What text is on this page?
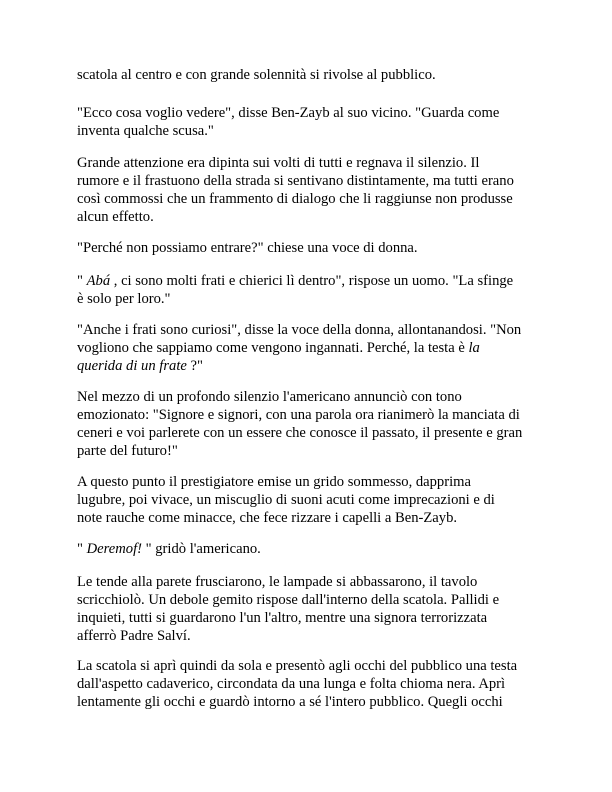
scatola al centro e con grande solennità si rivolse al pubblico.

"Ecco cosa voglio vedere", disse Ben-Zayb al suo vicino. "Guarda come
inventa qualche scusa."

Grande attenzione era dipinta sui volti di tutti e regnava il silenzio. Il
rumore e il frastuono della strada si sentivano distintamente, ma tutti erano
così commossi che un frammento di dialogo che li raggiunse non produsse
alcun effetto.

"Perché non possiamo entrare?" chiese una voce di donna.

" Abá , ci sono molti frati e chierici lì dentro", rispose un uomo. "La sfinge
è solo per loro."

"Anche i frati sono curiosi", disse la voce della donna, allontanandosi. "Non
vogliono che sappiamo come vengono ingannati. Perché, la testa è la
querida di un frate ?"

Nel mezzo di un profondo silenzio l'americano annunciò con tono
emozionato: "Signore e signori, con una parola ora rianimerò la manciata di
ceneri e voi parlerete con un essere che conosce il passato, il presente e gran
parte del futuro!"

A questo punto il prestigiatore emise un grido sommesso, dapprima
lugubre, poi vivace, un miscuglio di suoni acuti come imprecazioni e di
note rauche come minacce, che fece rizzare i capelli a Ben-Zayb.

" Deremof! " gridò l'americano.

Le tende alla parete frusciarono, le lampade si abbassarono, il tavolo
scricchiolò. Un debole gemito rispose dall'interno della scatola. Pallidi e
inquieti, tutti si guardarono l'un l'altro, mentre una signora terrorizzata
afferrò Padre Salví.

La scatola si aprì quindi da sola e presentò agli occhi del pubblico una testa
dall'aspetto cadaverico, circondata da una lunga e folta chioma nera. Aprì
lentamente gli occhi e guardò intorno a sé l'intero pubblico. Quegli occhi
